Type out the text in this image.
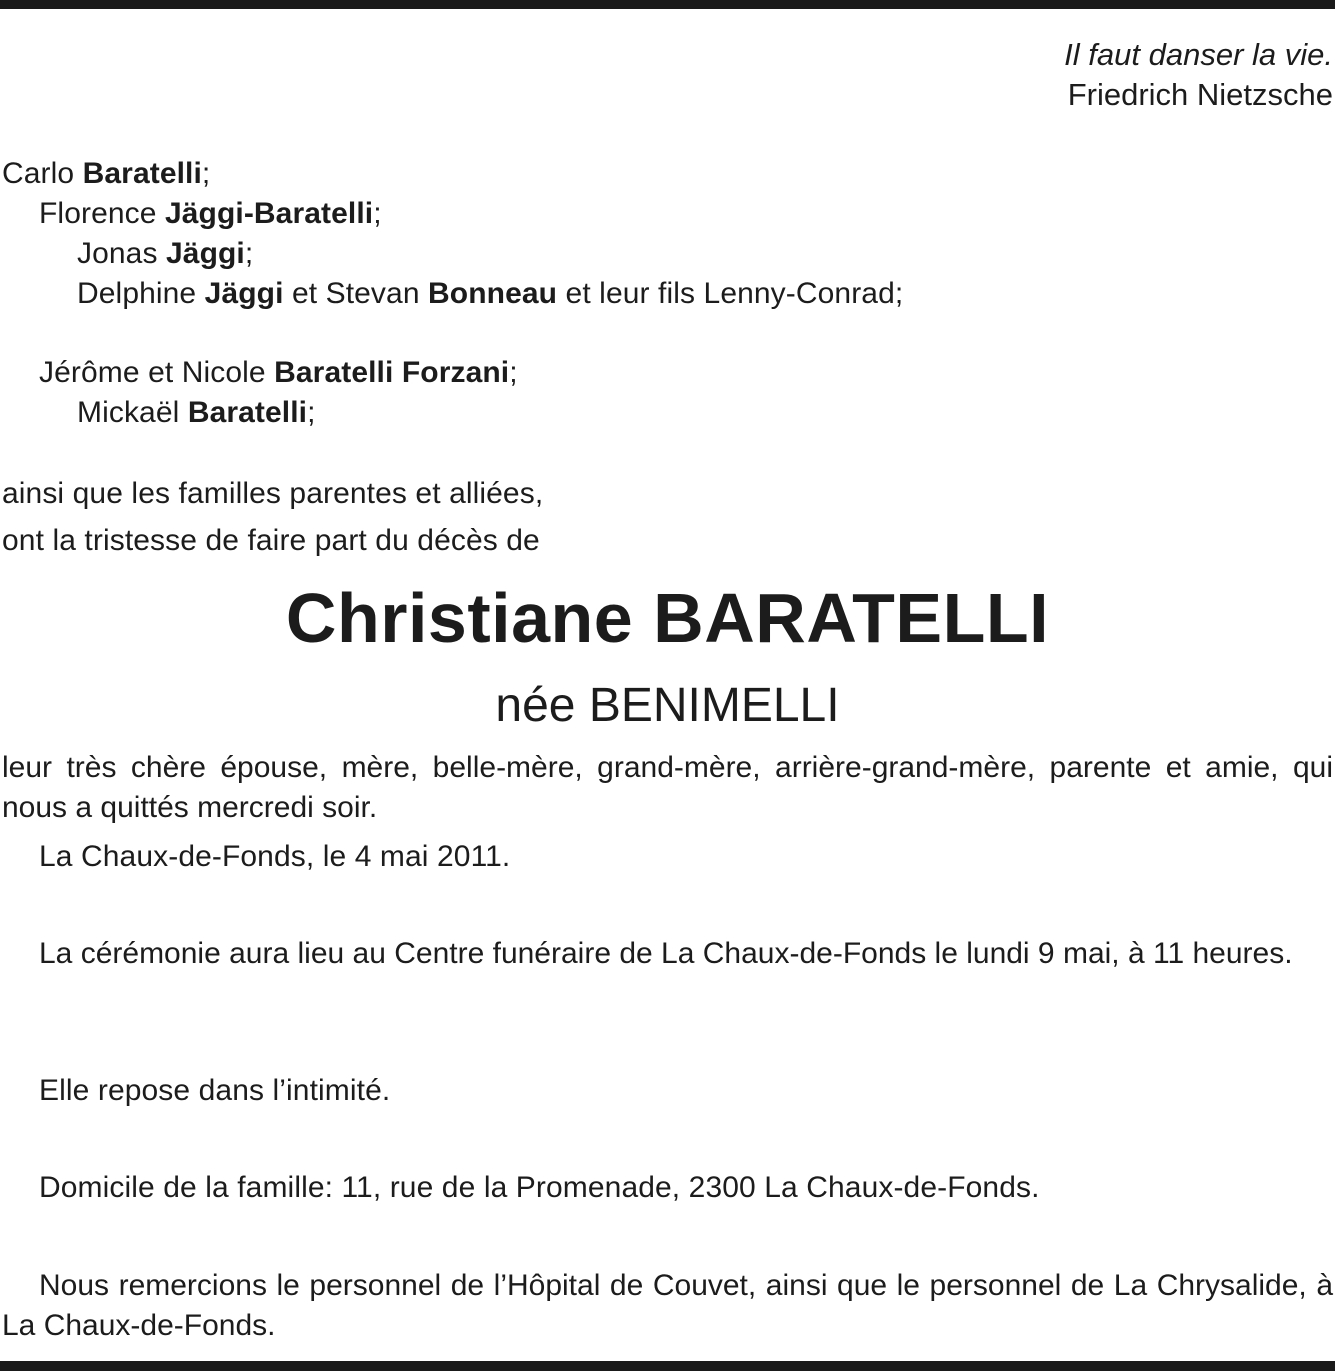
Il faut danser la vie.
Friedrich Nietzsche
Carlo Baratelli;
Florence Jäggi-Baratelli;
Jonas Jäggi;
Delphine Jäggi et Stevan Bonneau et leur fils Lenny-Conrad;
Jérôme et Nicole Baratelli Forzani;
Mickaël Baratelli;
ainsi que les familles parentes et alliées,
ont la tristesse de faire part du décès de
Christiane BARATELLI
née BENIMELLI
leur très chère épouse, mère, belle-mère, grand-mère, arrière-grand-mère, parente et amie, qui nous a quittés mercredi soir.
La Chaux-de-Fonds, le 4 mai 2011.
La cérémonie aura lieu au Centre funéraire de La Chaux-de-Fonds le lundi 9 mai, à 11 heures.
Elle repose dans l’intimité.
Domicile de la famille: 11, rue de la Promenade, 2300 La Chaux-de-Fonds.
Nous remercions le personnel de l’Hôpital de Couvet, ainsi que le personnel de La Chrysalide, à La Chaux-de-Fonds.
